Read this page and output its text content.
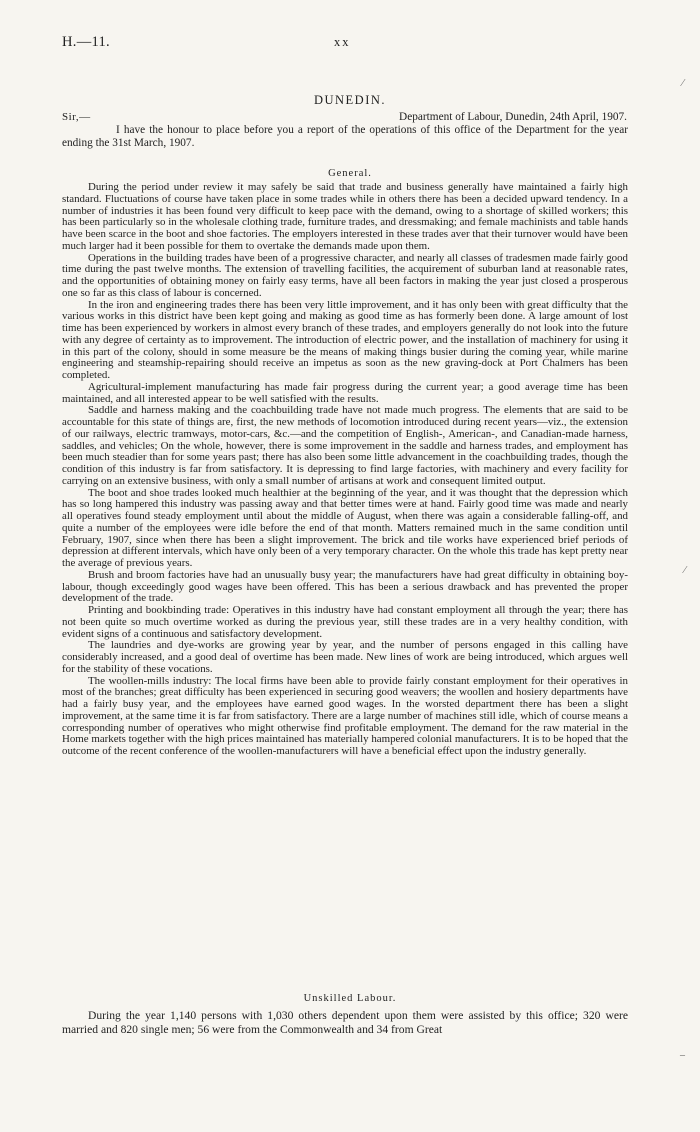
H.—11.	xx
DUNEDIN.
Sir,—	Department of Labour, Dunedin, 24th April, 1907.

I have the honour to place before you a report of the operations of this office of the Department for the year ending the 31st March, 1907.

General.

During the period under review it may safely be said that trade and business generally have maintained a fairly high standard. Fluctuations of course have taken place in some trades while in others there has been a decided upward tendency. In a number of industries it has been found very difficult to keep pace with the demand, owing to a shortage of skilled workers; this has been particularly so in the wholesale clothing trade, furniture trades, and dressmaking; and female machinists and table hands have been scarce in the boot and shoe factories. The employers interested in these trades aver that their turnover would have been much larger had it been possible for them to overtake the demands made upon them.

Operations in the building trades have been of a progressive character, and nearly all classes of tradesmen made fairly good time during the past twelve months. The extension of travelling facilities, the acquirement of suburban land at reasonable rates, and the opportunities of obtaining money on fairly easy terms, have all been factors in making the year just closed a prosperous one so far as this class of labour is concerned.

In the iron and engineering trades there has been very little improvement, and it has only been with great difficulty that the various works in this district have been kept going and making as good time as has formerly been done. A large amount of lost time has been experienced by workers in almost every branch of these trades, and employers generally do not look into the future with any degree of certainty as to improvement. The introduction of electric power, and the installation of machinery for using it in this part of the colony, should in some measure be the means of making things busier during the coming year, while marine engineering and steamship-repairing should receive an impetus as soon as the new graving-dock at Port Chalmers has been completed.

Agricultural-implement manufacturing has made fair progress during the current year; a good average time has been maintained, and all interested appear to be well satisfied with the results.

Saddle and harness making and the coachbuilding trade have not made much progress. The elements that are said to be accountable for this state of things are, first, the new methods of locomotion introduced during recent years—viz., the extension of our railways, electric tramways, motor-cars, &c.—and the competition of English-, American-, and Canadian-made harness, saddles, and vehicles; On the whole, however, there is some improvement in the saddle and harness trades, and employment has been much steadier than for some years past; there has also been some little advancement in the coachbuilding trades, though the condition of this industry is far from satisfactory. It is depressing to find large factories, with machinery and every facility for carrying on an extensive business, with only a small number of artisans at work and consequent limited output.

The boot and shoe trades looked much healthier at the beginning of the year, and it was thought that the depression which has so long hampered this industry was passing away and that better times were at hand. Fairly good time was made and nearly all operatives found steady employment until about the middle of August, when there was again a considerable falling-off, and quite a number of the employees were idle before the end of that month. Matters remained much in the same condition until February, 1907, since when there has been a slight improvement. The brick and tile works have experienced brief periods of depression at different intervals, which have only been of a very temporary character. On the whole this trade has kept pretty near the average of previous years.

Brush and broom factories have had an unusually busy year; the manufacturers have had great difficulty in obtaining boy-labour, though exceedingly good wages have been offered. This has been a serious drawback and has prevented the proper development of the trade.

Printing and bookbinding trade: Operatives in this industry have had constant employment all through the year; there has not been quite so much overtime worked as during the previous year, still these trades are in a very healthy condition, with evident signs of a continuous and satisfactory development.

The laundries and dye-works are growing year by year, and the number of persons engaged in this calling have considerably increased, and a good deal of overtime has been made. New lines of work are being introduced, which argues well for the stability of these vocations.

The woollen-mills industry: The local firms have been able to provide fairly constant employment for their operatives in most of the branches; great difficulty has been experienced in securing good weavers; the woollen and hosiery departments have had a fairly busy year, and the employees have earned good wages. In the worsted department there has been a slight improvement, at the same time it is far from satisfactory. There are a large number of machines still idle, which of course means a corresponding number of operatives who might otherwise find profitable employment. The demand for the raw material in the Home markets together with the high prices maintained has materially hampered colonial manufacturers. It is to be hoped that the outcome of the recent conference of the woollen-manufacturers will have a beneficial effect upon the industry generally.

Unskilled Labour.

During the year 1,140 persons with 1,030 others dependent upon them were assisted by this office; 320 were married and 820 single men; 56 were from the Commonwealth and 34 from Great

⁄
⁄
–
